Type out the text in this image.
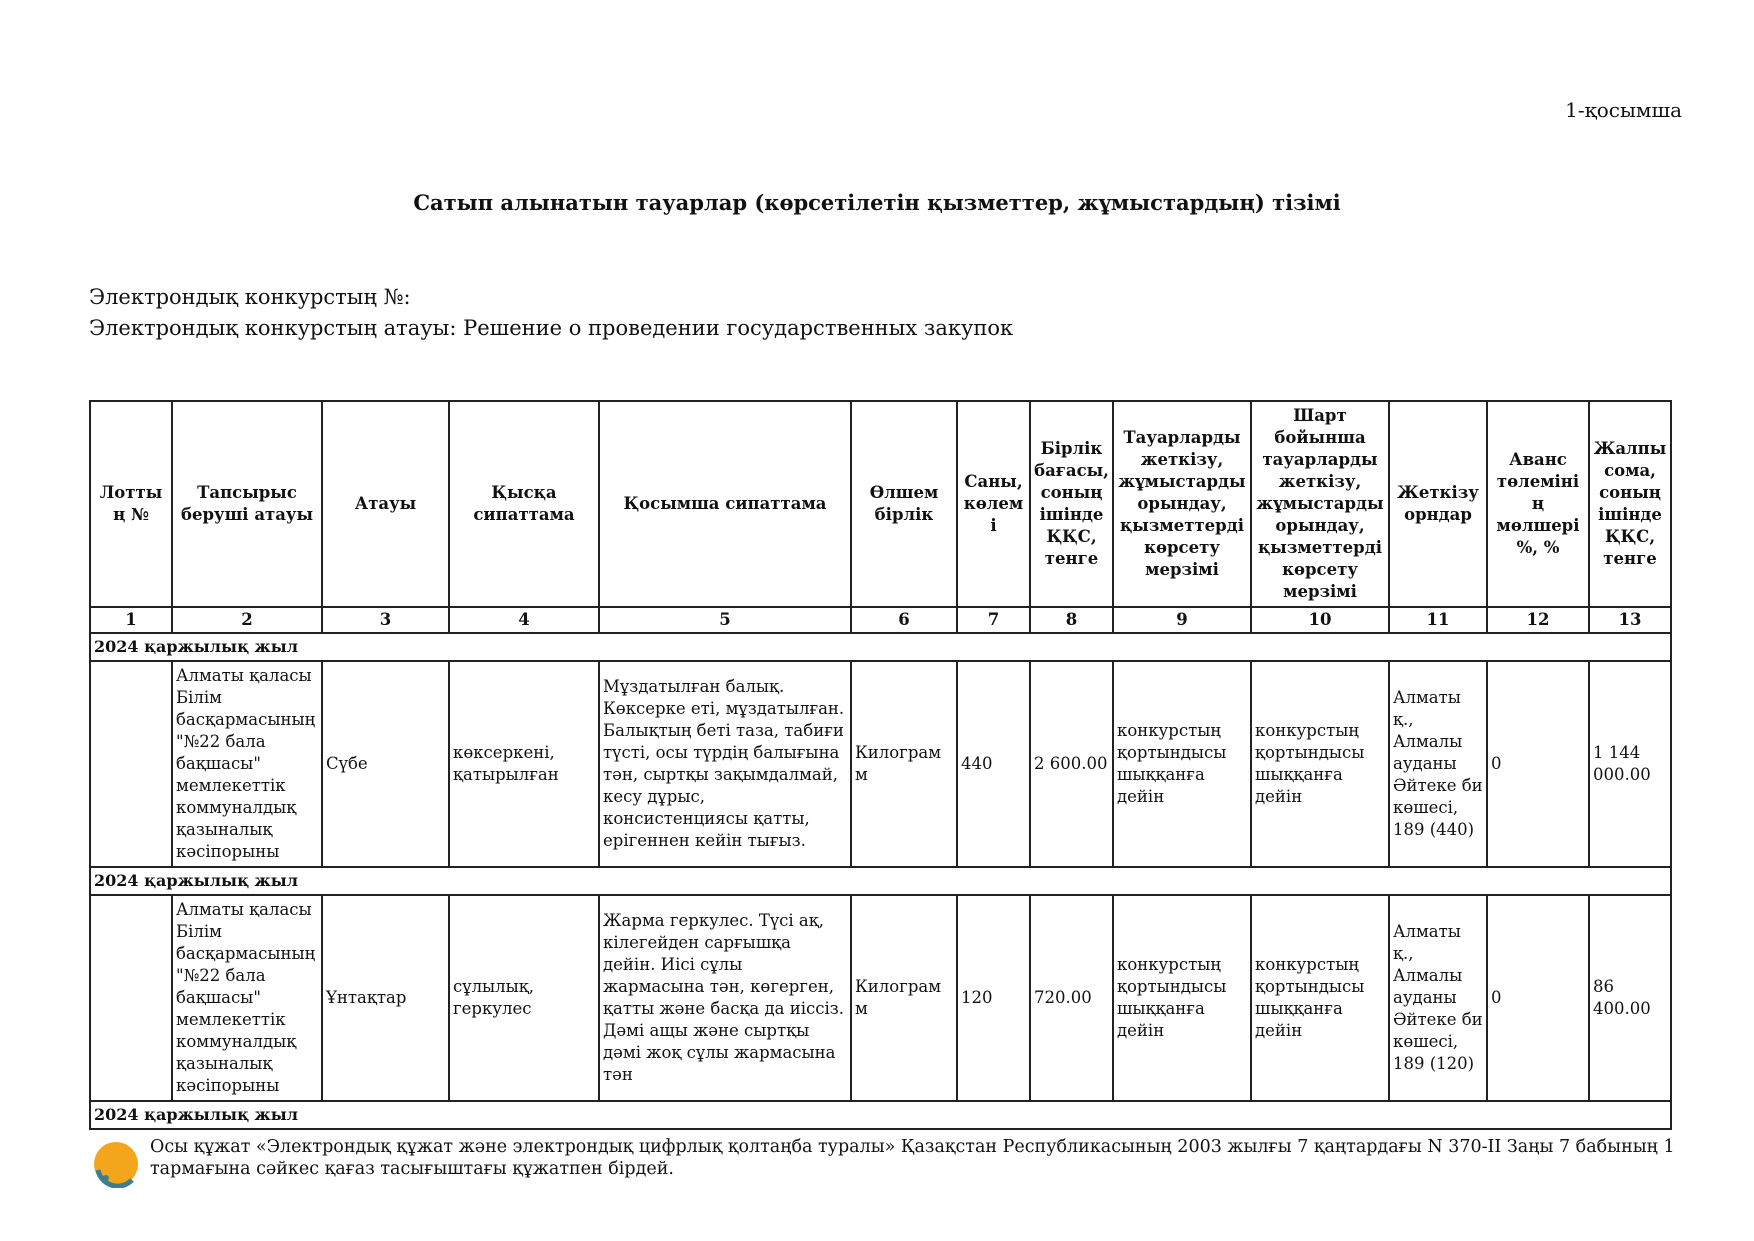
1-қосымша
Сатып алынатын тауарлар (көрсетілетін қызметтер, жұмыстардың) тізімі
Электрондық конкурстың №:
Электрондық конкурстың атауы: Решение о проведении государственных закупок
Лоттың №	Тапсырыс беруші атауы	Атауы	Қысқа сипаттама	Қосымша сипаттама	Өлшем бірлік	Саны, көлемі	Бірлік бағасы, соның ішінде ҚҚС, тенге	Тауарларды жеткізу, жұмыстарды орындау, қызметтерді көрсету мерзімі	Шарт бойынша тауарларды жеткізу, жұмыстарды орындау, қызметтерді көрсету мерзімі	Жеткізу орндар	Аванс төлемінің мөлшері %, %	Жалпы сома, соның ішінде ҚҚС, тенге
1	2	3	4	5	6	7	8	9	10	11	12	13
2024 қаржылық жыл												
	Алматы қаласы Білім басқармасының "№22 бала бақшасы" мемлекеттік коммуналдық қазыналық кәсіпорыны	Сүбе	көксеркені, қатырылған	Мұздатылған балық. Көксерке еті, мұздатылған. Балықтың беті таза, табиғи түсті, осы түрдің балығына тән, сыртқы зақымдалмай, кесу дұрыс, консистенциясы қатты, ерігеннен кейін тығыз.	Килограмм	440	2 600.00	конкурстың қортындысы шыққанға дейін	конкурстың қортындысы шыққанға дейін	Алматы қ., Алмалы ауданы Әйтеке би көшесі, 189 (440)	0	1 144 000.00
2024 қаржылық жыл												
	Алматы қаласы Білім басқармасының "№22 бала бақшасы" мемлекеттік коммуналдық қазыналық кәсіпорыны	Ұнтақтар	сұлылық, геркулес	Жарма геркулес. Түсі ақ, кілегейден сарғышқа дейін. Иісі сұлы жармасына тән, көгерген, қатты және басқа да иіссіз. Дәмі ащы және сыртқы дәмі жоқ сұлы жармасына тән	Килограмм	120	720.00	конкурстың қортындысы шыққанға дейін	конкурстың қортындысы шыққанға дейін	Алматы қ., Алмалы ауданы Әйтеке би көшесі, 189 (120)	0	86 400.00
2024 қаржылық жыл												
Осы құжат «Электрондық құжат және электрондық цифрлық қолтаңба туралы» Қазақстан Республикасының 2003 жылғы 7 қаңтардағы N 370-II Заңы 7 бабының 1 тармағына сәйкес қағаз тасығыштағы құжатпен бірдей.
